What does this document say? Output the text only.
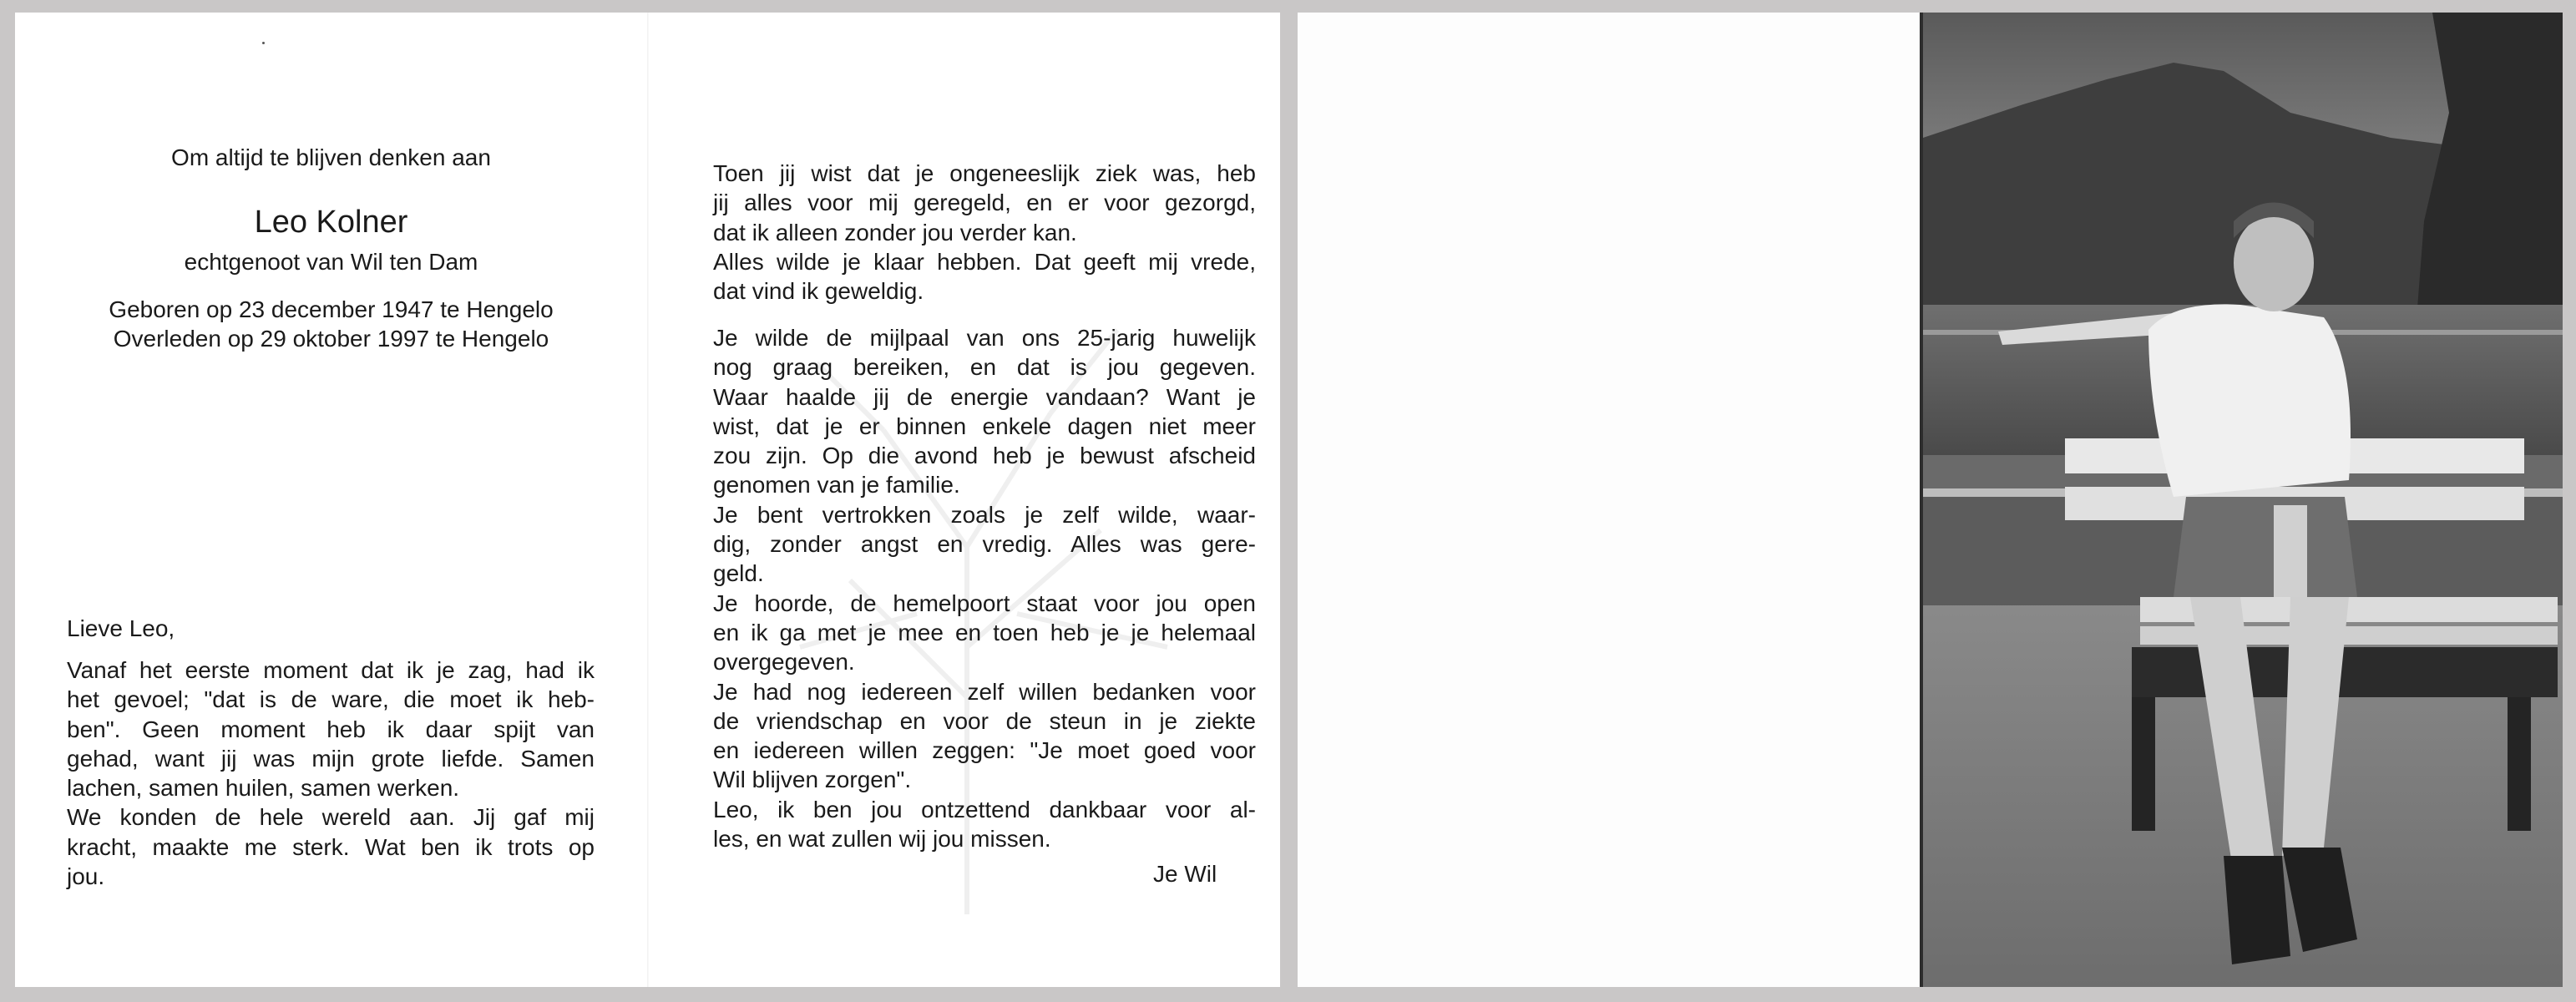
Om altijd te blijven denken aan
Leo Kolner
echtgenoot van Wil ten Dam
Geboren op 23 december 1947 te Hengelo
Overleden op 29 oktober 1997 te Hengelo
Lieve Leo,

Vanaf het eerste moment dat ik je zag, had ik

het gevoel; "dat is de ware, die moet ik heb-

ben". Geen moment heb ik daar spijt van

gehad, want jij was mijn grote liefde. Samen

lachen, samen huilen, samen werken.

We konden de hele wereld aan. Jij gaf mij

kracht, maakte me sterk. Wat ben ik trots op

jou.

Toen jij wist dat je ongeneeslijk ziek was, heb

jij alles voor mij geregeld, en er voor gezorgd,

dat ik alleen zonder jou verder kan.

Alles wilde je klaar hebben. Dat geeft mij vrede,

dat vind ik geweldig.

Je wilde de mijlpaal van ons 25-jarig huwelijk

nog graag bereiken, en dat is jou gegeven.

Waar haalde jij de energie vandaan? Want je

wist, dat je er binnen enkele dagen niet meer

zou zijn. Op die avond heb je bewust afscheid

genomen van je familie.

Je bent vertrokken zoals je zelf wilde, waar-

dig, zonder angst en vredig. Alles was gere-

geld.

Je hoorde, de hemelpoort staat voor jou open

en ik ga met je mee en toen heb je je helemaal

overgegeven.

Je had nog iedereen zelf willen bedanken voor

de vriendschap en voor de steun in je ziekte

en iedereen willen zeggen: "Je moet goed voor

Wil blijven zorgen".

Leo, ik ben jou ontzettend dankbaar voor al-

les, en wat zullen wij jou missen.

Je Wil
